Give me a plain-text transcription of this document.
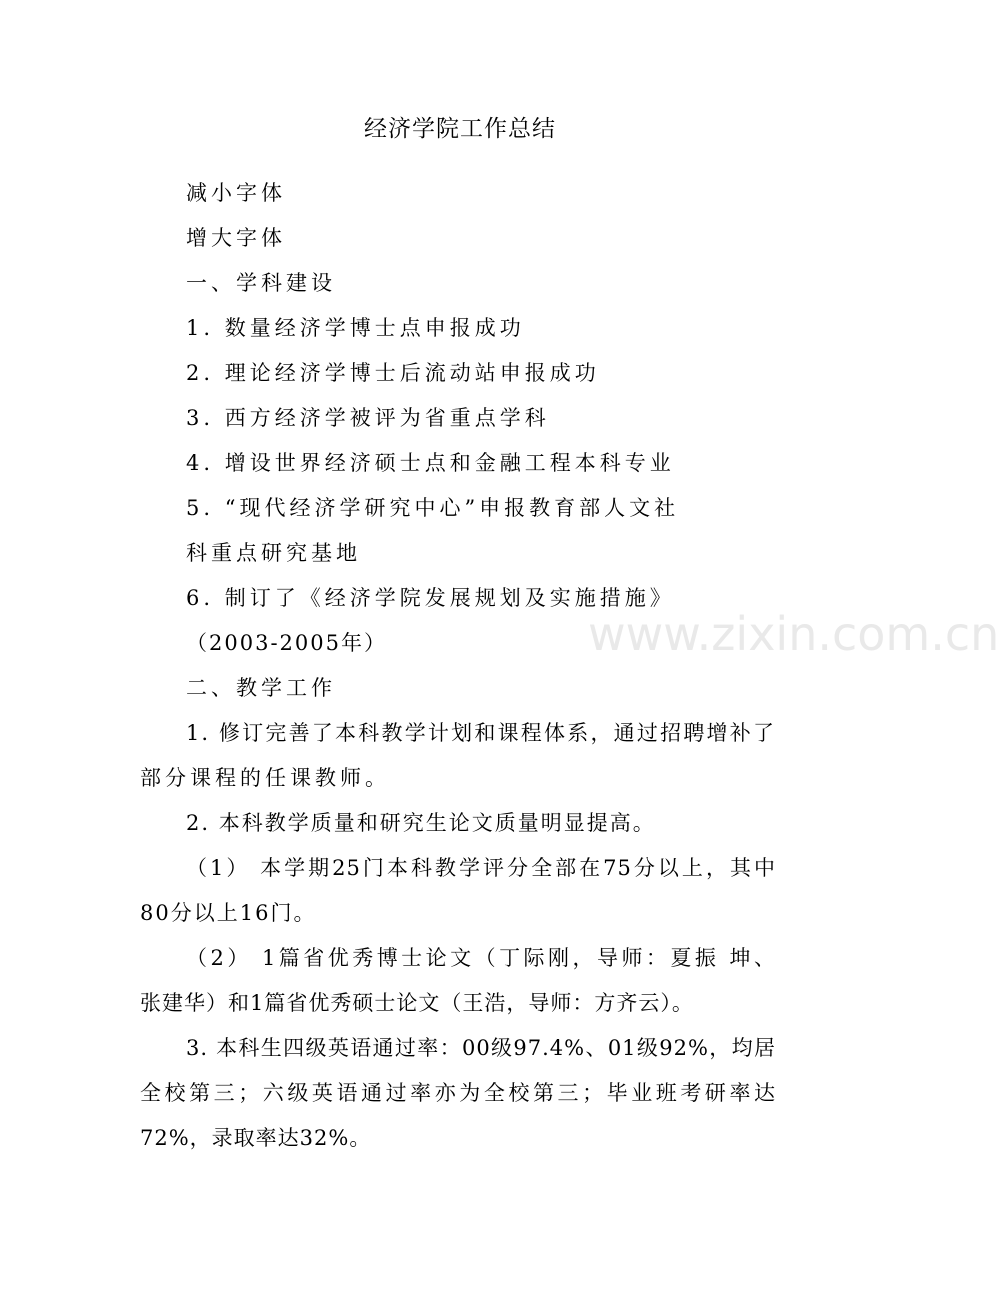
www.zixin.com.cn
经济学院工作总结
减小字体
增大字体
一、学科建设
1. 数量经济学博士点申报成功
2. 理论经济学博士后流动站申报成功
3. 西方经济学被评为省重点学科
4. 增设世界经济硕士点和金融工程本科专业
5. “现代经济学研究中心”申报教育部人文社
科重点研究基地
6. 制订了《经济学院发展规划及实施措施》
（2003-2005年）
二、教学工作
1. 修订完善了本科教学计划和课程体系，通过招聘增补了
部分课程的任课教师。
2. 本科教学质量和研究生论文质量明显提高。
（1） 本学期25门本科教学评分全部在75分以上，其中
80分以上16门。
（2） 1篇省优秀博士论文（丁际刚，导师：夏振 坤、
张建华）和1篇省优秀硕士论文（王浩，导师：方齐云）。
3. 本科生四级英语通过率：00级97.4%、01级92%，均居
全校第三；六级英语通过率亦为全校第三；毕业班考研率达
72%，录取率达32%。
